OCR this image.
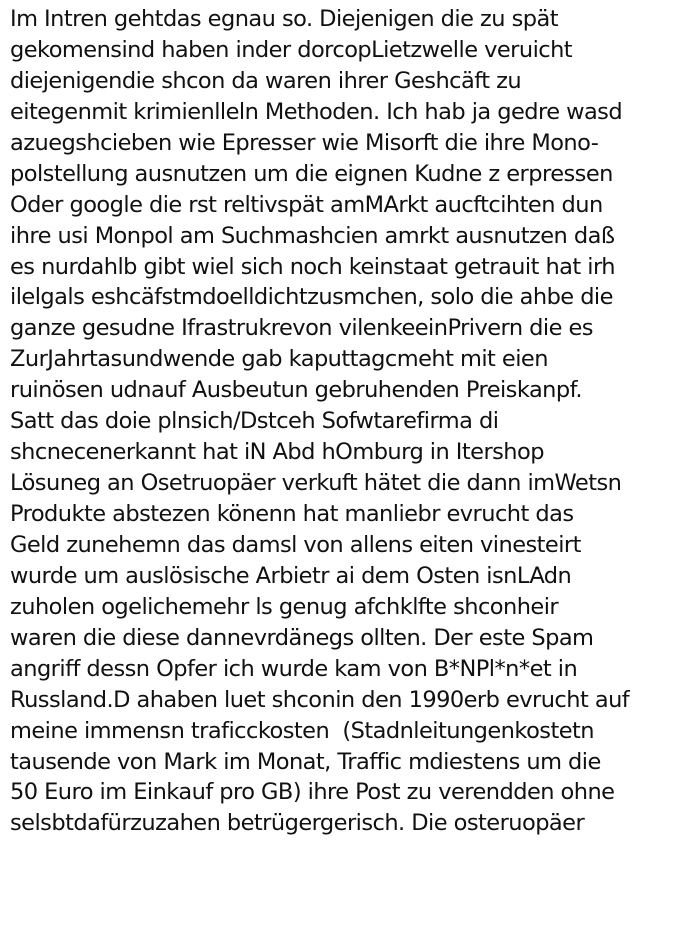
Im Intren gehtdas egnau so. Diejenigen die zu spät
gekomensind haben inder dorcopLietzwelle veruicht
diejenigendie shcon da waren ihrer Geshcäft zu
eitegenmit krimienlleln Methoden. Ich hab ja gedre wasd
azuegshcieben wie Epresser wie Misorft die ihre Mono-
polstellung ausnutzen um die eignen Kudne z erpressen
Oder google die rst reltivspät amMArkt aucftcihten dun
ihre usi Monpol am Suchmashcien amrkt ausnutzen daß
es nurdahlb gibt wiel sich noch keinstaat getrauit hat irh
ilelgals eshcäfstmdoelldichtzusmchen, solo die ahbe die
ganze gesudne Ifrastrukrevon vilenkeeinPrivern die es
ZurJahrtasundwende gab kaputtagcmeht mit eien
ruinösen udnauf Ausbeutun gebruhenden Preiskanpf.
Satt das doie plnsich/Dstceh Sofwtarefirma di
shcnecenerkannt hat iN Abd hOmburg in Itershop
Lösuneg an Osetruopäer verkuft hätet die dann imWetsn
Produkte abstezen könenn hat manliebr evrucht das
Geld zunehemn das damsl von allens eiten vinesteirt
wurde um auslösische Arbietr ai dem Osten isnLAdn
zuholen ogelichemehr ls genug afchklfte shconheir
waren die diese dannevrdänegs ollten. Der este Spam
angriff dessn Opfer ich wurde kam von B*NPl*n*et in
Russland.D ahaben luet shconin den 1990erb evrucht auf
meine immensn traficckosten  (Stadnleitungenkostetn
tausende von Mark im Monat, Traffic mdiestens um die
50 Euro im Einkauf pro GB) ihre Post zu verendden ohne
selsbtdafürzuzahen betrügergerisch. Die osteruopäer
